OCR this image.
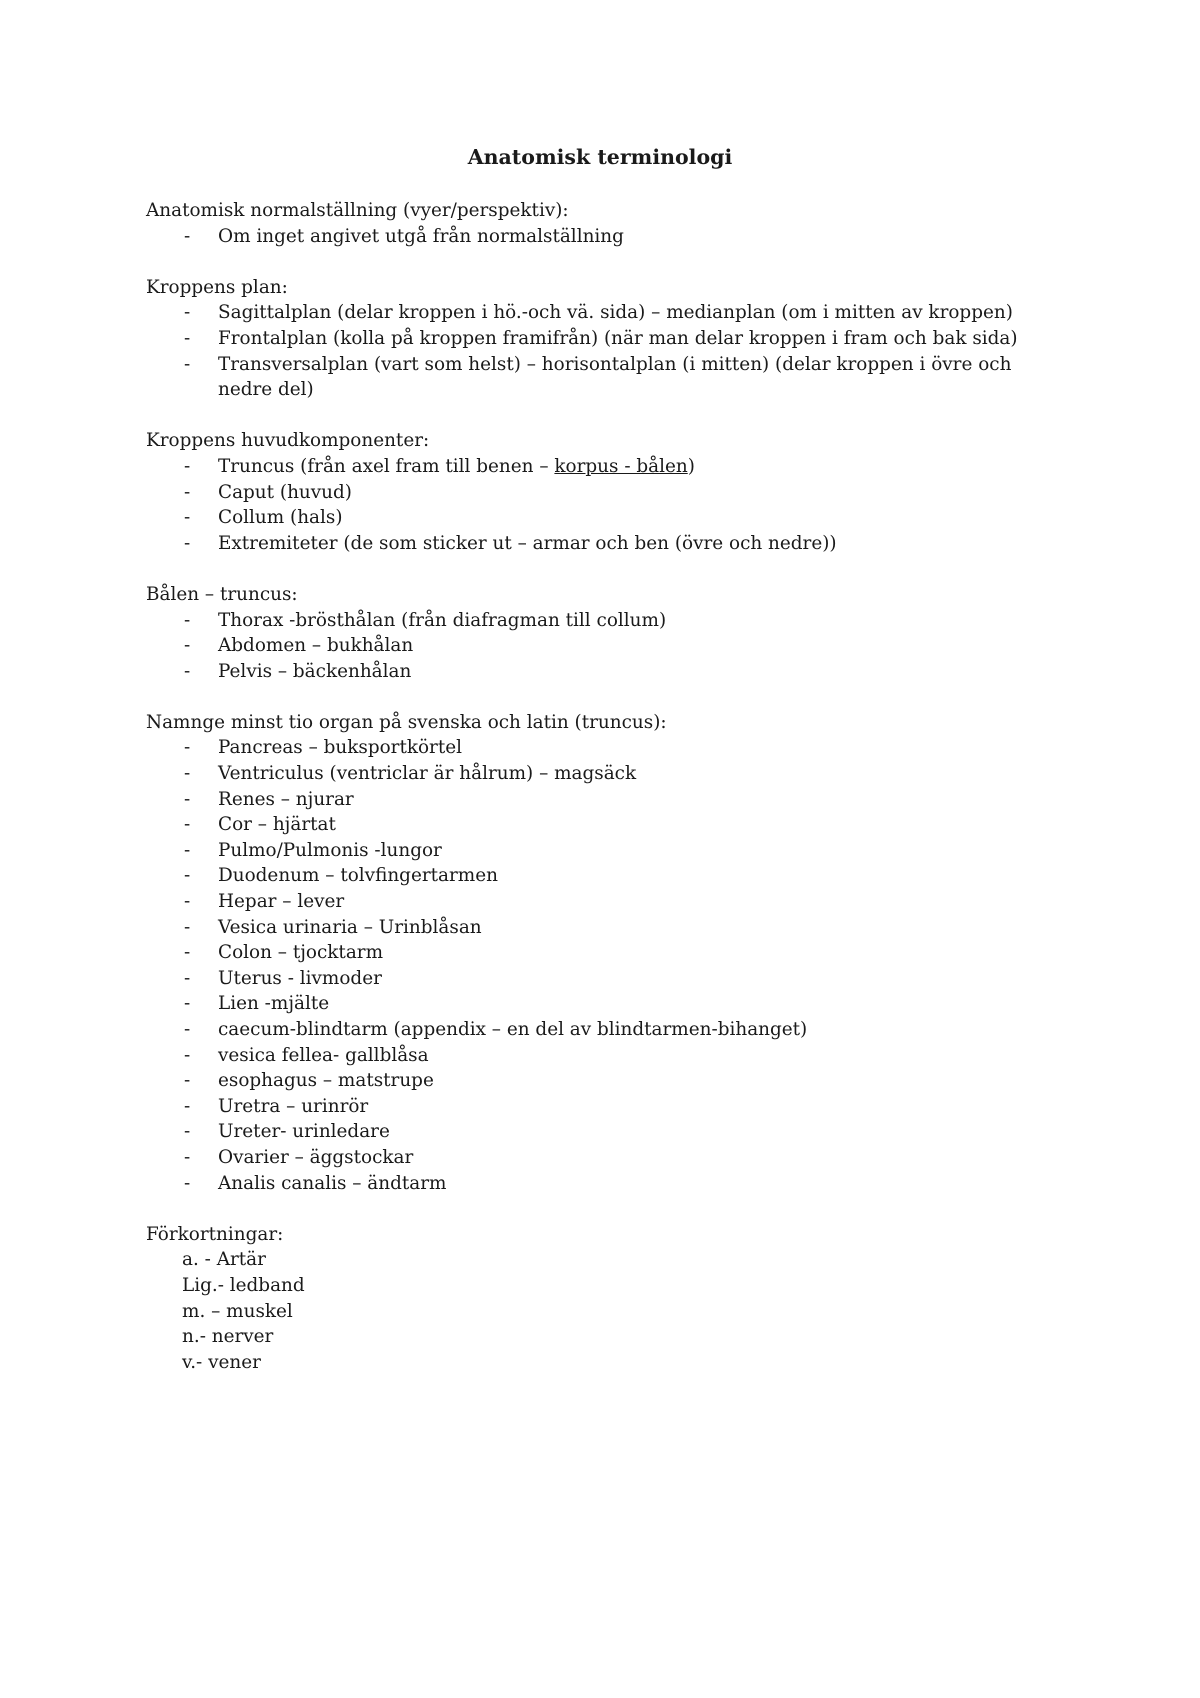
Anatomisk terminologi

Anatomisk normalställning (vyer/perspektiv):

- Om inget angivet utgå från normalställning

Kroppens plan:

- Sagittalplan (delar kroppen i hö.-och vä. sida) – medianplan (om i mitten av kroppen)
- Frontalplan (kolla på kroppen framifrån) (när man delar kroppen i fram och bak sida)
- Transversalplan (vart som helst) – horisontalplan (i mitten) (delar kroppen i övre och nedre del)

Kroppens huvudkomponenter:

- Truncus (från axel fram till benen – korpus - bålen)
- Caput (huvud)
- Collum (hals)
- Extremiteter (de som sticker ut – armar och ben (övre och nedre))

Bålen – truncus:

- Thorax -brösthålan (från diafragman till collum)
- Abdomen – bukhålan
- Pelvis – bäckenhålan

Namnge minst tio organ på svenska och latin (truncus):

- Pancreas – buksportkörtel
- Ventriculus (ventriclar är hålrum) – magsäck
- Renes – njurar
- Cor – hjärtat
- Pulmo/Pulmonis -lungor
- Duodenum – tolvfingertarmen
- Hepar – lever
- Vesica urinaria – Urinblåsan
- Colon – tjocktarm
- Uterus - livmoder
- Lien -mjälte
- caecum-blindtarm (appendix – en del av blindtarmen-bihanget)
- vesica fellea- gallblåsa
- esophagus – matstrupe
- Uretra – urinrör
- Ureter- urinledare
- Ovarier – äggstockar
- Analis canalis – ändtarm

Förkortningar:

a. - Artär
Lig.- ledband
m. – muskel
n.- nerver
v.- vener
